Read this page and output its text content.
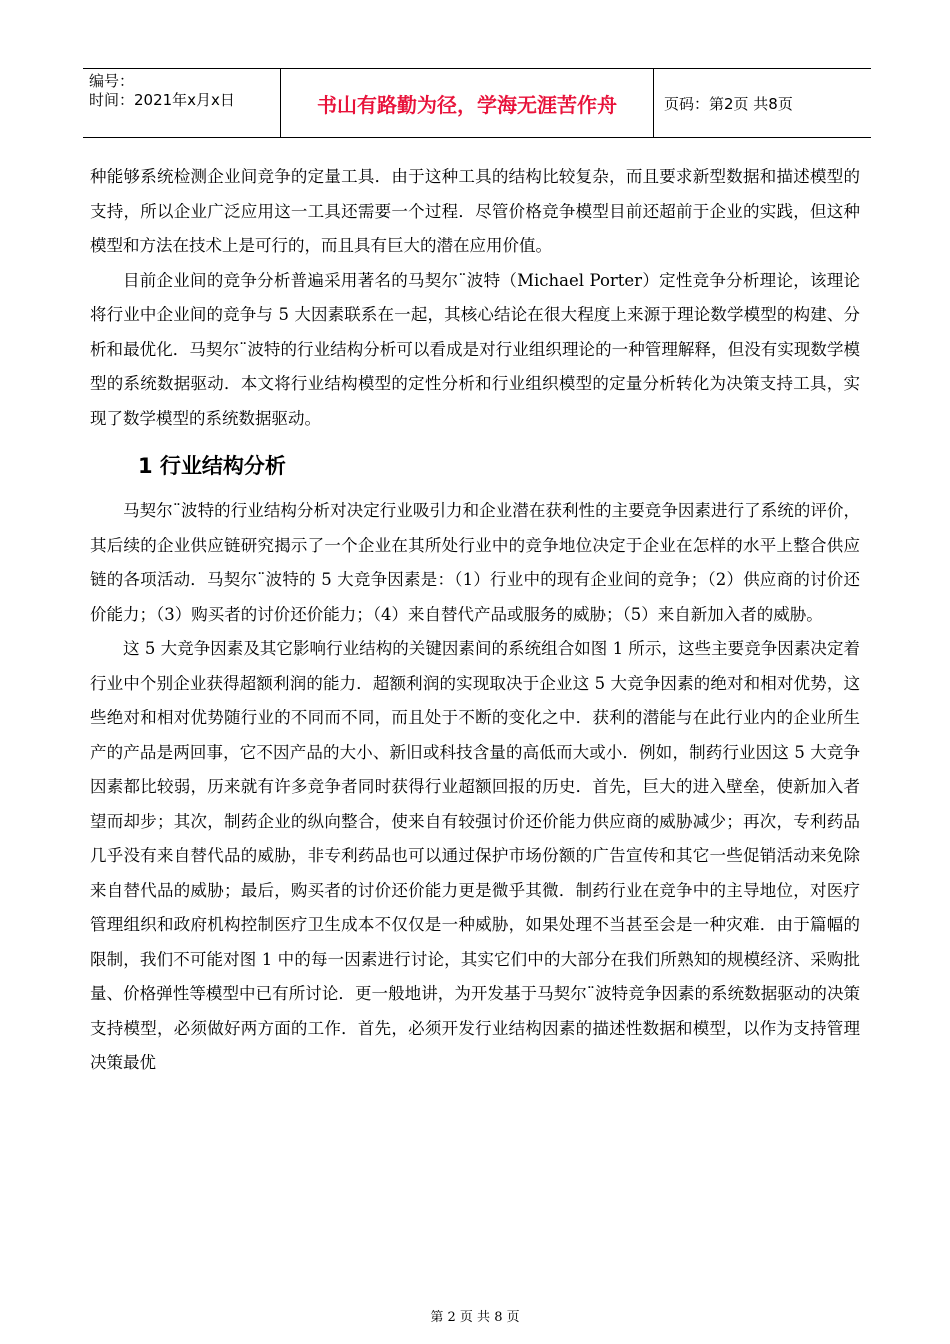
编号：
时间：2021年x月x日	书山有路勤为径，学海无涯苦作舟	页码：第2页 共8页

种能够系统检测企业间竞争的定量工具．由于这种工具的结构比较复杂，而且要求新型数据和描述模型的支持，所以企业广泛应用这一工具还需要一个过程．尽管价格竞争模型目前还超前于企业的实践，但这种模型和方法在技术上是可行的，而且具有巨大的潜在应用价值。

目前企业间的竞争分析普遍采用著名的马契尔¨波特（Michael Porter）定性竞争分析理论，该理论将行业中企业间的竞争与 5 大因素联系在一起，其核心结论在很大程度上来源于理论数学模型的构建、分析和最优化．马契尔¨波特的行业结构分析可以看成是对行业组织理论的一种管理解释，但没有实现数学模型的系统数据驱动．本文将行业结构模型的定性分析和行业组织模型的定量分析转化为决策支持工具，实现了数学模型的系统数据驱动。

1 行业结构分析

马契尔¨波特的行业结构分析对决定行业吸引力和企业潜在获利性的主要竞争因素进行了系统的评价，其后续的企业供应链研究揭示了一个企业在其所处行业中的竞争地位决定于企业在怎样的水平上整合供应链的各项活动．马契尔¨波特的 5 大竞争因素是：（1）行业中的现有企业间的竞争；（2）供应商的讨价还价能力；（3）购买者的讨价还价能力；（4）来自替代产品或服务的威胁；（5）来自新加入者的威胁。

这 5 大竞争因素及其它影响行业结构的关键因素间的系统组合如图 1 所示，这些主要竞争因素决定着行业中个别企业获得超额利润的能力．超额利润的实现取决于企业这 5 大竞争因素的绝对和相对优势，这些绝对和相对优势随行业的不同而不同，而且处于不断的变化之中．获利的潜能与在此行业内的企业所生产的产品是两回事，它不因产品的大小、新旧或科技含量的高低而大或小．例如，制药行业因这 5 大竞争因素都比较弱，历来就有许多竞争者同时获得行业超额回报的历史．首先，巨大的进入壁垒，使新加入者望而却步；其次，制药企业的纵向整合，使来自有较强讨价还价能力供应商的威胁减少；再次，专利药品几乎没有来自替代品的威胁，非专利药品也可以通过保护市场份额的广告宣传和其它一些促销活动来免除来自替代品的威胁；最后，购买者的讨价还价能力更是微乎其微．制药行业在竞争中的主导地位，对医疗管理组织和政府机构控制医疗卫生成本不仅仅是一种威胁，如果处理不当甚至会是一种灾难．由于篇幅的限制，我们不可能对图 1 中的每一因素进行讨论，其实它们中的大部分在我们所熟知的规模经济、采购批量、价格弹性等模型中已有所讨论．更一般地讲，为开发基于马契尔¨波特竞争因素的系统数据驱动的决策支持模型，必须做好两方面的工作．首先，必须开发行业结构因素的描述性数据和模型，以作为支持管理决策最优

第 2 页 共 8 页
